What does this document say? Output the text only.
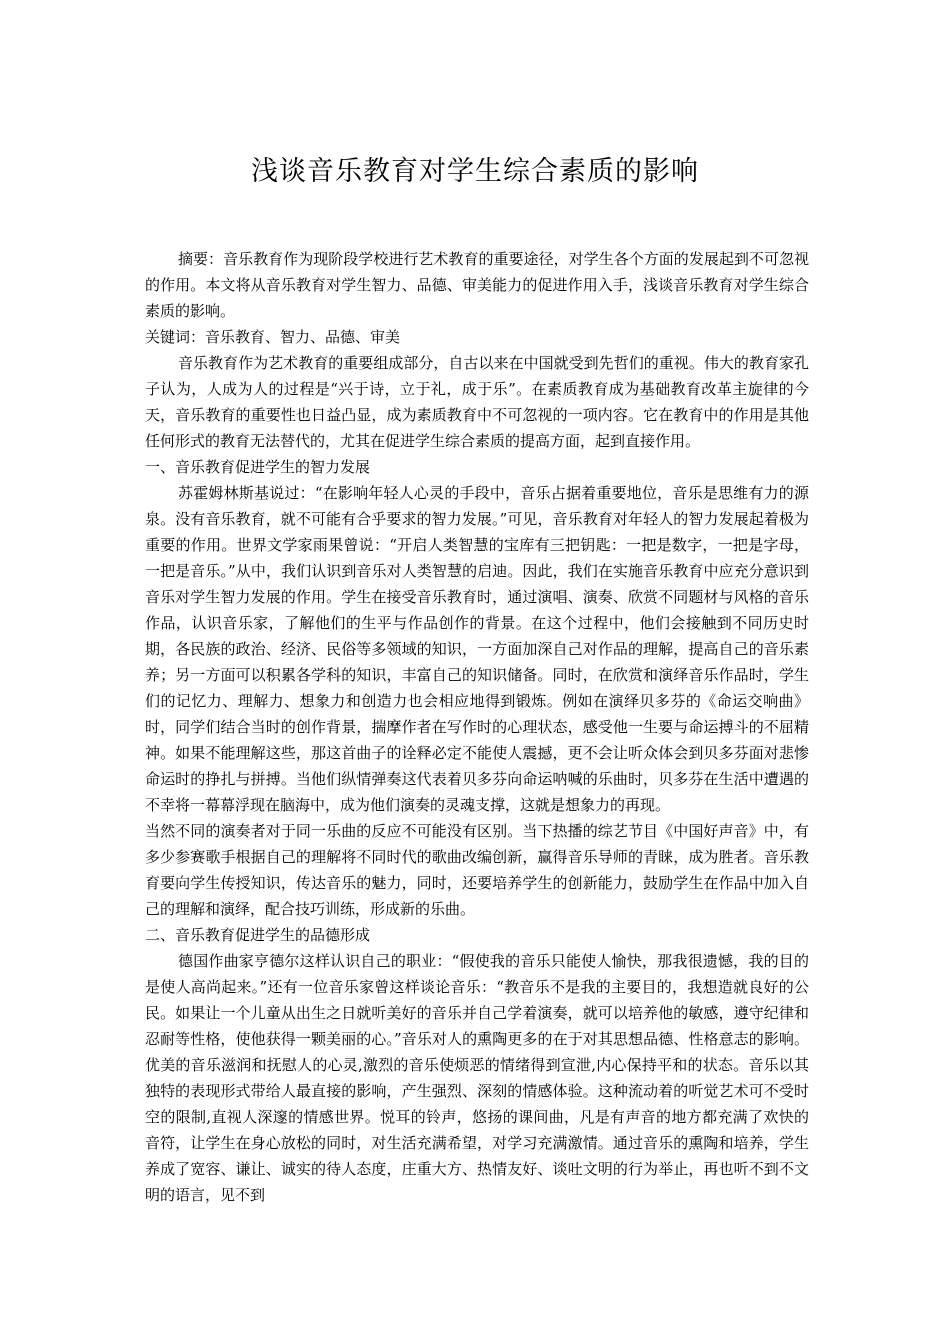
浅谈音乐教育对学生综合素质的影响

摘要：音乐教育作为现阶段学校进行艺术教育的重要途径，对学生各个方面的发展起到不可忽视的作用。本文将从音乐教育对学生智力、品德、审美能力的促进作用入手，浅谈音乐教育对学生综合素质的影响。

关键词：音乐教育、智力、品德、审美

音乐教育作为艺术教育的重要组成部分，自古以来在中国就受到先哲们的重视。伟大的教育家孔子认为，人成为人的过程是“兴于诗，立于礼，成于乐”。在素质教育成为基础教育改革主旋律的今天，音乐教育的重要性也日益凸显，成为素质教育中不可忽视的一项内容。它在教育中的作用是其他任何形式的教育无法替代的，尤其在促进学生综合素质的提高方面，起到直接作用。

一、音乐教育促进学生的智力发展

苏霍姆林斯基说过：“在影响年轻人心灵的手段中，音乐占据着重要地位，音乐是思维有力的源泉。没有音乐教育，就不可能有合乎要求的智力发展。”可见，音乐教育对年轻人的智力发展起着极为重要的作用。世界文学家雨果曾说：“开启人类智慧的宝库有三把钥匙：一把是数字，一把是字母，一把是音乐。”从中，我们认识到音乐对人类智慧的启迪。因此，我们在实施音乐教育中应充分意识到音乐对学生智力发展的作用。学生在接受音乐教育时，通过演唱、演奏、欣赏不同题材与风格的音乐作品，认识音乐家，了解他们的生平与作品创作的背景。在这个过程中，他们会接触到不同历史时期，各民族的政治、经济、民俗等多领域的知识，一方面加深自己对作品的理解，提高自己的音乐素养；另一方面可以积累各学科的知识，丰富自己的知识储备。同时，在欣赏和演绎音乐作品时，学生们的记忆力、理解力、想象力和创造力也会相应地得到锻炼。例如在演绎贝多芬的《命运交响曲》时，同学们结合当时的创作背景，揣摩作者在写作时的心理状态，感受他一生要与命运搏斗的不屈精神。如果不能理解这些，那这首曲子的诠释必定不能使人震撼，更不会让听众体会到贝多芬面对悲惨命运时的挣扎与拼搏。当他们纵情弹奏这代表着贝多芬向命运呐喊的乐曲时，贝多芬在生活中遭遇的不幸将一幕幕浮现在脑海中，成为他们演奏的灵魂支撑，这就是想象力的再现。

当然不同的演奏者对于同一乐曲的反应不可能没有区别。当下热播的综艺节目《中国好声音》中，有多少参赛歌手根据自己的理解将不同时代的歌曲改编创新，赢得音乐导师的青睐，成为胜者。音乐教育要向学生传授知识，传达音乐的魅力，同时，还要培养学生的创新能力，鼓励学生在作品中加入自己的理解和演绎，配合技巧训练，形成新的乐曲。

二、音乐教育促进学生的品德形成

德国作曲家亨德尔这样认识自己的职业：“假使我的音乐只能使人愉快，那我很遗憾，我的目的是使人高尚起来。”还有一位音乐家曾这样谈论音乐：“教音乐不是我的主要目的，我想造就良好的公民。如果让一个儿童从出生之日就听美好的音乐并自己学着演奏，就可以培养他的敏感，遵守纪律和忍耐等性格，使他获得一颗美丽的心。”音乐对人的熏陶更多的在于对其思想品德、性格意志的影响。优美的音乐滋润和抚慰人的心灵,激烈的音乐使烦恶的情绪得到宣泄,内心保持平和的状态。音乐以其独特的表现形式带给人最直接的影响，产生强烈、深刻的情感体验。这种流动着的听觉艺术可不受时空的限制,直视人深邃的情感世界。悦耳的铃声，悠扬的课间曲，凡是有声音的地方都充满了欢快的音符，让学生在身心放松的同时，对生活充满希望，对学习充满激情。通过音乐的熏陶和培养，学生养成了宽容、谦让、诚实的待人态度，庄重大方、热情友好、谈吐文明的行为举止，再也听不到不文明的语言，见不到
